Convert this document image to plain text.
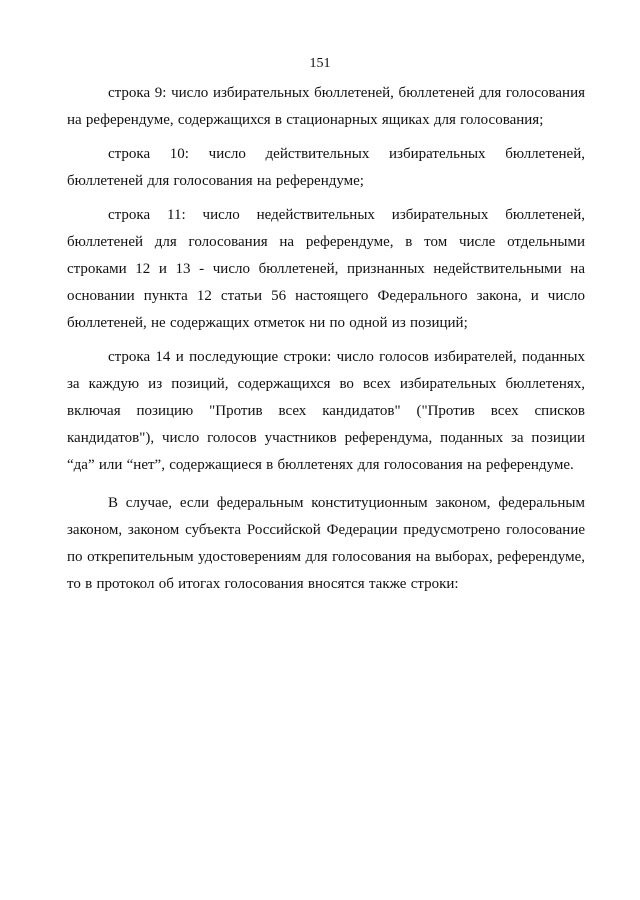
151

строка 9: число избирательных бюллетеней, бюллетеней для голосования на референдуме, содержащихся в стационарных ящиках для голосования;

строка 10: число действительных избирательных бюллетеней, бюллетеней для голосования на референдуме;

строка 11: число недействительных избирательных бюллетеней, бюллетеней для голосования на референдуме, в том числе отдельными строками 12 и 13 - число бюллетеней, признанных недействительными на основании пункта 12 статьи 56 настоящего Федерального закона, и число бюллетеней, не содержащих отметок ни по одной из позиций;

строка 14 и последующие строки: число голосов избирателей, поданных за каждую из позиций, содержащихся во всех избирательных бюллетенях, включая позицию "Против всех кандидатов" ("Против всех списков кандидатов"), число голосов участников референдума, поданных за позиции “да” или “нет”, содержащиеся в бюллетенях для голосования на референдуме.

В случае, если федеральным конституционным законом, федеральным законом, законом субъекта Российской Федерации предусмотрено голосование по открепительным удостоверениям для голосования на выборах, референдуме, то в протокол об итогах голосования вносятся также строки:
